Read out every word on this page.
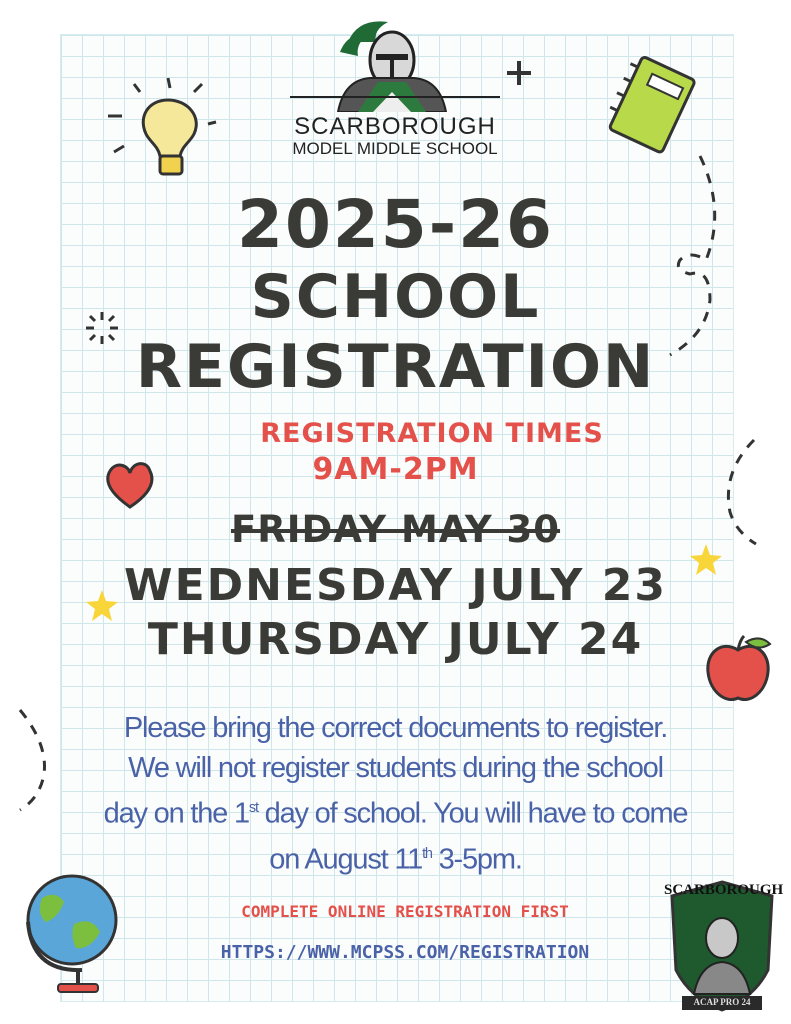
SCARBOROUGH
MODEL MIDDLE SCHOOL
2025-26
SCHOOL
REGISTRATION
REGISTRATION TIMES
9AM-2PM
FRIDAY MAY 30
WEDNESDAY JULY 23
THURSDAY JULY 24
Please bring the correct documents to register.
We will not register students during the school
day on the 1st day of school. You will have to come
on August 11th 3-5pm.
COMPLETE ONLINE REGISTRATION FIRST
HTTPS://WWW.MCPSS.COM/REGISTRATION
SCARBOROUGH
ACAP PRO 24
